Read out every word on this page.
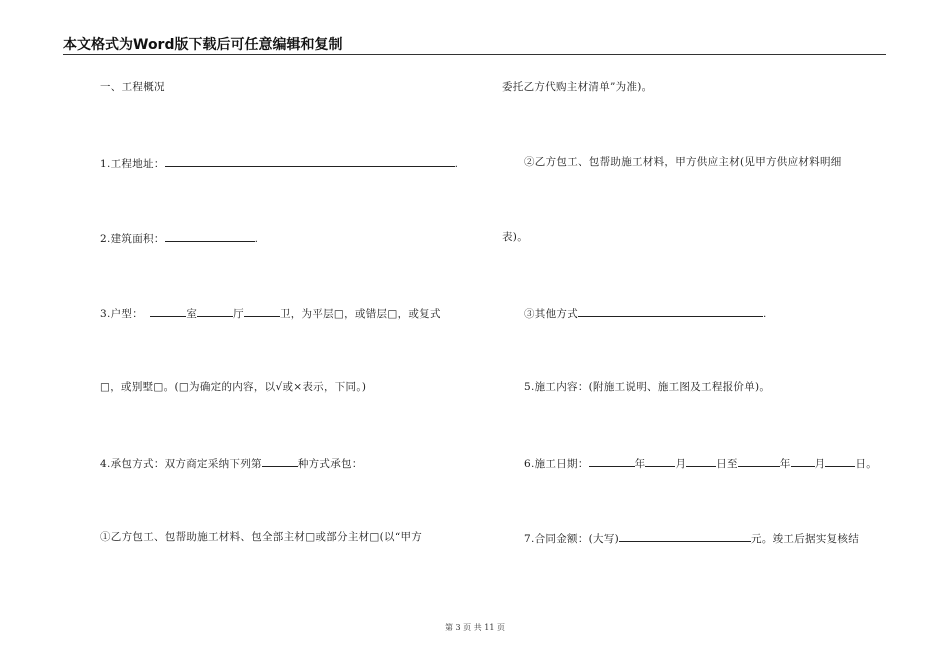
本文格式为Word版下载后可任意编辑和复制
一、工程概况
1.工程地址：	.
2.建筑面积：	.
3.户型：	室	厅	卫，为平层□，或错层□，或复式
□，或别墅□。(□为确定的内容，以√或×表示，下同。)
4.承包方式：双方商定采纳下列第	种方式承包：
①乙方包工、包帮助施工材料、包全部主材□或部分主材□(以“甲方
委托乙方代购主材清单”为准)。
②乙方包工、包帮助施工材料，甲方供应主材(见甲方供应材料明细
表)。
③其他方式	.
5.施工内容：(附施工说明、施工图及工程报价单)。
6.施工日期：	年	月	日至	年 月	日。
7.合同金额：(大写)	元。竣工后据实复核结
第 3 页 共 11 页
